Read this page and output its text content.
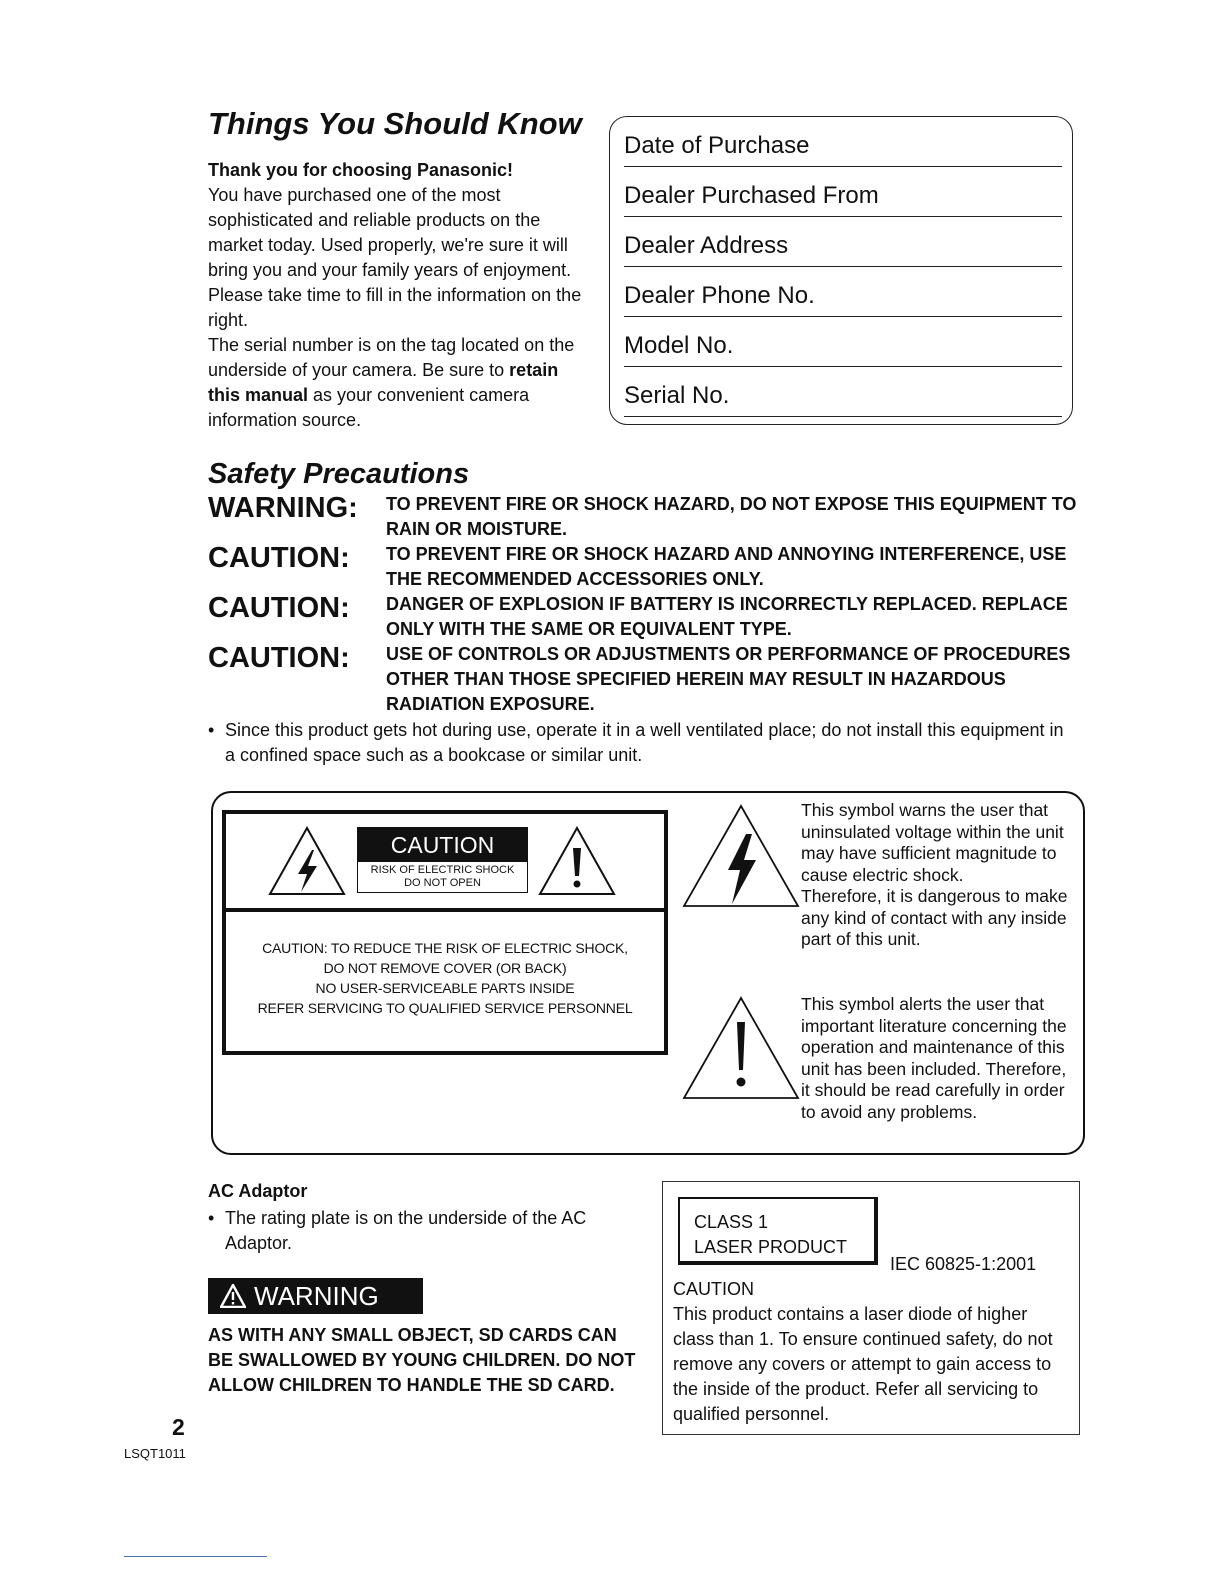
Things You Should Know
Thank you for choosing Panasonic!
You have purchased one of the most sophisticated and reliable products on the market today. Used properly, we're sure it will bring you and your family years of enjoyment. Please take time to fill in the information on the right.
The serial number is on the tag located on the underside of your camera. Be sure to retain this manual as your convenient camera information source.
Date of Purchase
Dealer Purchased From
Dealer Address
Dealer Phone No.
Model No.
Serial No.
Safety Precautions
WARNING:	TO PREVENT FIRE OR SHOCK HAZARD, DO NOT EXPOSE THIS EQUIPMENT TO RAIN OR MOISTURE.
CAUTION:	TO PREVENT FIRE OR SHOCK HAZARD AND ANNOYING INTERFERENCE, USE THE RECOMMENDED ACCESSORIES ONLY.
CAUTION:	DANGER OF EXPLOSION IF BATTERY IS INCORRECTLY REPLACED. REPLACE ONLY WITH THE SAME OR EQUIVALENT TYPE.
CAUTION:	USE OF CONTROLS OR ADJUSTMENTS OR PERFORMANCE OF PROCEDURES OTHER THAN THOSE SPECIFIED HEREIN MAY RESULT IN HAZARDOUS RADIATION EXPOSURE.
• Since this product gets hot during use, operate it in a well ventilated place; do not install this equipment in a confined space such as a bookcase or similar unit.
CAUTION
RISK OF ELECTRIC SHOCK
DO NOT OPEN
CAUTION: TO REDUCE THE RISK OF ELECTRIC SHOCK,
DO NOT REMOVE COVER (OR BACK)
NO USER-SERVICEABLE PARTS INSIDE
REFER SERVICING TO QUALIFIED SERVICE PERSONNEL
This symbol warns the user that uninsulated voltage within the unit may have sufficient magnitude to cause electric shock.
Therefore, it is dangerous to make any kind of contact with any inside part of this unit.
This symbol alerts the user that important literature concerning the operation and maintenance of this unit has been included. Therefore, it should be read carefully in order to avoid any problems.
AC Adaptor
• The rating plate is on the underside of the AC Adaptor.
WARNING
AS WITH ANY SMALL OBJECT, SD CARDS CAN BE SWALLOWED BY YOUNG CHILDREN. DO NOT ALLOW CHILDREN TO HANDLE THE SD CARD.
CLASS 1
LASER PRODUCT
IEC 60825-1:2001
CAUTION
This product contains a laser diode of higher class than 1. To ensure continued safety, do not remove any covers or attempt to gain access to the inside of the product. Refer all servicing to qualified personnel.
2
LSQT1011
